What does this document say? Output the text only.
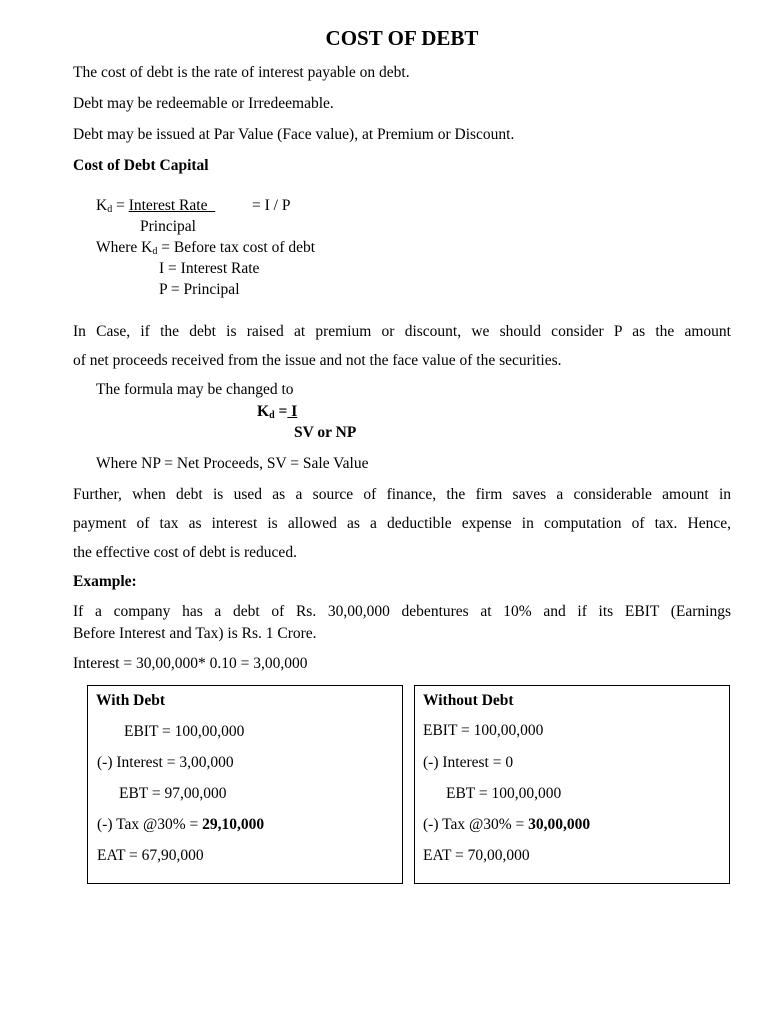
COST OF DEBT
The cost of debt is the rate of interest payable on debt.
Debt may be redeemable or Irredeemable.
Debt may be issued at Par Value (Face value), at Premium or Discount.
Cost of Debt Capital
$K_d$ = Interest Rate	= I / P
Principal
Where $K_d$ = Before tax cost of debt
I = Interest Rate
P = Principal
In Case, if the debt is raised at premium or discount, we should consider P as the amount
of net proceeds received from the issue and not the face value of the securities.
The formula may be changed to
$K_d = I$
SV or NP
Where NP = Net Proceeds, SV = Sale Value
Further, when debt is used as a source of finance, the firm saves a considerable amount in
payment of tax as interest is allowed as a deductible expense in computation of tax. Hence,
the effective cost of debt is reduced.
Example:
If a company has a debt of Rs. 30,00,000 debentures at 10% and if its EBIT (Earnings
Before Interest and Tax) is Rs. 1 Crore.
Interest = 30,00,000* 0.10 = 3,00,000
With Debt
EBIT = 100,00,000
(-) Interest = 3,00,000
EBT = 97,00,000
(-) Tax @30% = 29,10,000
EAT = 67,90,000
Without Debt
EBIT = 100,00,000
(-) Interest = 0
EBT = 100,00,000
(-) Tax @30% = 30,00,000
EAT = 70,00,000
